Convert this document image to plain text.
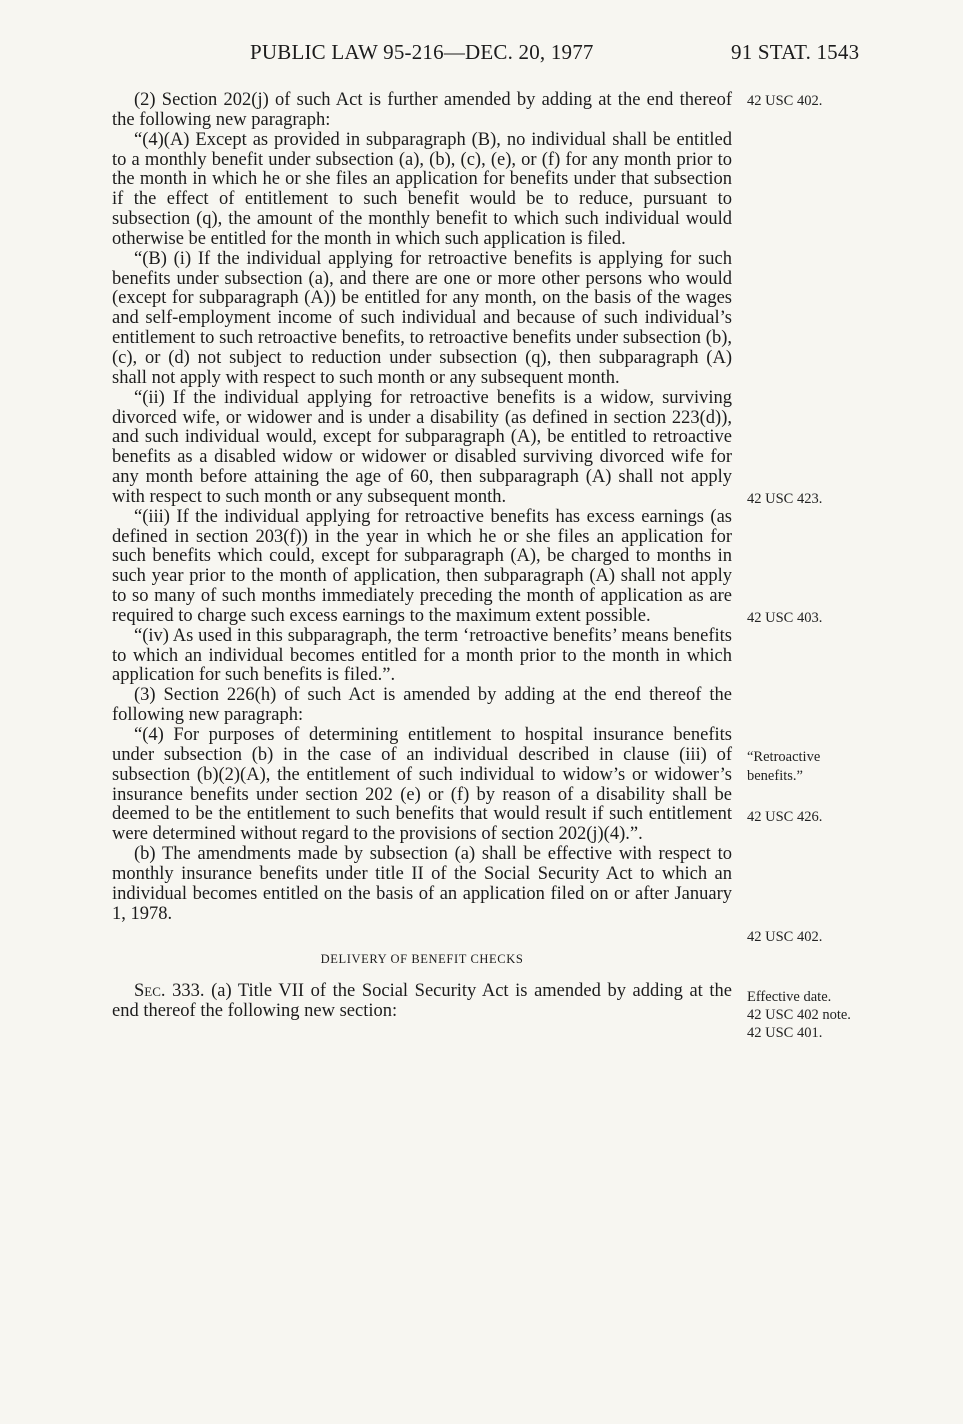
PUBLIC LAW 95-216—DEC. 20, 1977	91 STAT. 1543

(2) Section 202(j) of such Act is further amended by adding at the end thereof the following new paragraph:

“(4)(A) Except as provided in subparagraph (B), no individual shall be entitled to a monthly benefit under subsection (a), (b), (c), (e), or (f) for any month prior to the month in which he or she files an application for benefits under that subsection if the effect of entitlement to such benefit would be to reduce, pursuant to subsection (q), the amount of the monthly benefit to which such individual would otherwise be entitled for the month in which such application is filed.

“(B) (i) If the individual applying for retroactive benefits is applying for such benefits under subsection (a), and there are one or more other persons who would (except for subparagraph (A)) be entitled for any month, on the basis of the wages and self-employment income of such individual and because of such individual’s entitlement to such retroactive benefits, to retroactive benefits under subsection (b), (c), or (d) not subject to reduction under subsection (q), then subparagraph (A) shall not apply with respect to such month or any subsequent month.

“(ii) If the individual applying for retroactive benefits is a widow, surviving divorced wife, or widower and is under a disability (as defined in section 223(d)), and such individual would, except for subparagraph (A), be entitled to retroactive benefits as a disabled widow or widower or disabled surviving divorced wife for any month before attaining the age of 60, then subparagraph (A) shall not apply with respect to such month or any subsequent month.

“(iii) If the individual applying for retroactive benefits has excess earnings (as defined in section 203(f)) in the year in which he or she files an application for such benefits which could, except for subparagraph (A), be charged to months in such year prior to the month of application, then subparagraph (A) shall not apply to so many of such months immediately preceding the month of application as are required to charge such excess earnings to the maximum extent possible.

“(iv) As used in this subparagraph, the term ‘retroactive benefits’ means benefits to which an individual becomes entitled for a month prior to the month in which application for such benefits is filed.”.

(3) Section 226(h) of such Act is amended by adding at the end thereof the following new paragraph:

“(4) For purposes of determining entitlement to hospital insurance benefits under subsection (b) in the case of an individual described in clause (iii) of subsection (b)(2)(A), the entitlement of such individual to widow’s or widower’s insurance benefits under section 202 (e) or (f) by reason of a disability shall be deemed to be the entitlement to such benefits that would result if such entitlement were determined without regard to the provisions of section 202(j)(4).”.

(b) The amendments made by subsection (a) shall be effective with respect to monthly insurance benefits under title II of the Social Security Act to which an individual becomes entitled on the basis of an application filed on or after January 1, 1978.

DELIVERY OF BENEFIT CHECKS

Sec. 333. (a) Title VII of the Social Security Act is amended by adding at the end thereof the following new section:

42 USC 402.
42 USC 423.
42 USC 403.
“Retroactive
benefits.”
42 USC 426.
42 USC 402.
Effective date.
42 USC 402 note.
42 USC 401.
